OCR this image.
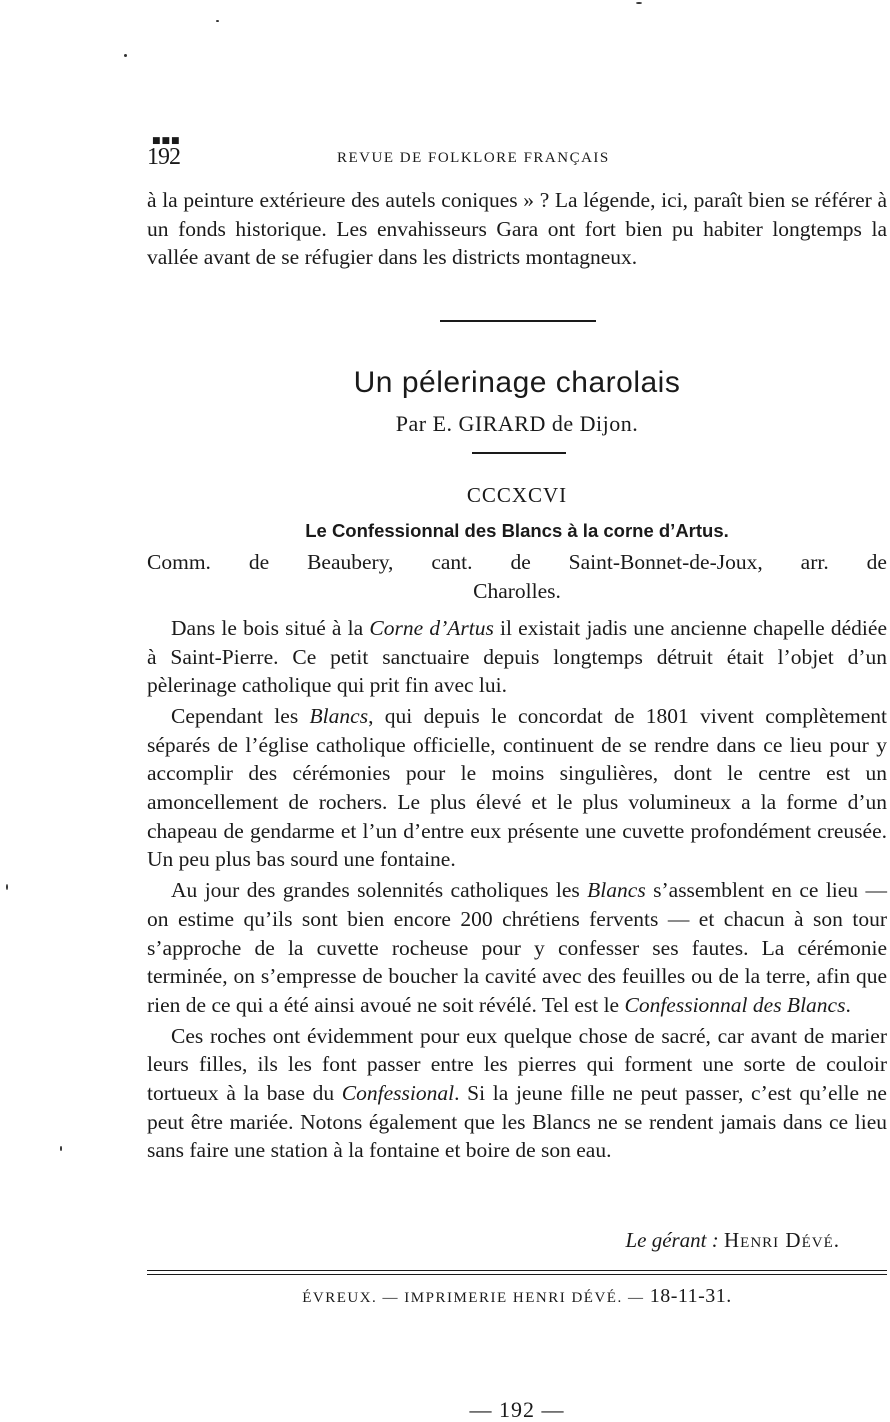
■■■
192	REVUE DE FOLKLORE FRANÇAIS

à la peinture extérieure des autels coniques » ? La légende, ici, paraît bien se référer à un fonds historique. Les envahisseurs Gara ont fort bien pu habiter longtemps la vallée avant de se réfugier dans les districts montagneux.

Un pélerinage charolais
Par E. GIRARD de Dijon.
CCCXCVI
Le Confessionnal des Blancs à la corne d’Artus.
Comm. de Beaubery, cant. de Saint-Bonnet-de-Joux, arr. de
Charolles.

Dans le bois situé à la Corne d’Artus il existait jadis une ancienne chapelle dédiée à Saint-Pierre. Ce petit sanctuaire depuis longtemps détruit était l’objet d’un pèlerinage catholique qui prit fin avec lui.

Cependant les Blancs, qui depuis le concordat de 1801 vivent complètement séparés de l’église catholique officielle, continuent de se rendre dans ce lieu pour y accomplir des cérémonies pour le moins singulières, dont le centre est un amoncellement de rochers. Le plus élevé et le plus volumineux a la forme d’un chapeau de gendarme et l’un d’entre eux présente une cuvette profondément creusée. Un peu plus bas sourd une fontaine.

Au jour des grandes solennités catholiques les Blancs s’assemblent en ce lieu — on estime qu’ils sont bien encore 200 chrétiens fervents — et chacun à son tour s’approche de la cuvette rocheuse pour y confesser ses fautes. La cérémonie terminée, on s’empresse de boucher la cavité avec des feuilles ou de la terre, afin que rien de ce qui a été ainsi avoué ne soit révélé. Tel est le Confessionnal des Blancs.

Ces roches ont évidemment pour eux quelque chose de sacré, car avant de marier leurs filles, ils les font passer entre les pierres qui forment une sorte de couloir tortueux à la base du Confessional. Si la jeune fille ne peut passer, c’est qu’elle ne peut être mariée. Notons également que les Blancs ne se rendent jamais dans ce lieu sans faire une station à la fontaine et boire de son eau.

Le gérant : Henri Dévé.
ÉVREUX. — IMPRIMERIE HENRI DÉVÉ. — 18-11-31.
— 192 —
